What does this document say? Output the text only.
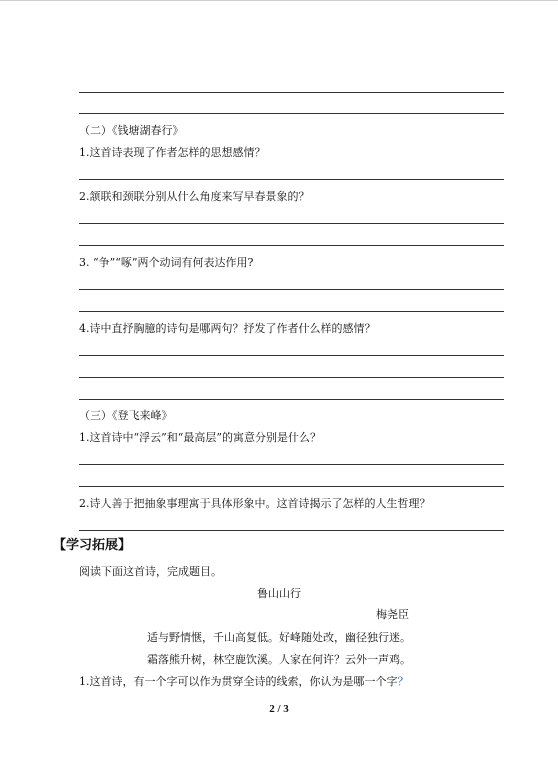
（二）《钱塘湖春行》
1.这首诗表现了作者怎样的思想感情？
2.颔联和颈联分别从什么角度来写早春景象的？
3. “争”“啄”两个动词有何表达作用?
4.诗中直抒胸臆的诗句是哪两句？抒发了作者什么样的感情？
（三）《登飞来峰》
1.这首诗中“浮云”和“最高层”的寓意分别是什么？
2.诗人善于把抽象事理寓于具体形象中。这首诗揭示了怎样的人生哲理？
【学习拓展】
阅读下面这首诗，完成题目。
鲁山山行
梅尧臣
适与野情惬，千山高复低。好峰随处改，幽径独行迷。
霜落熊升树，林空鹿饮溪。人家在何许？云外一声鸡。
1.这首诗，有一个字可以作为贯穿全诗的线索，你认为是哪一个字？
2 / 3
